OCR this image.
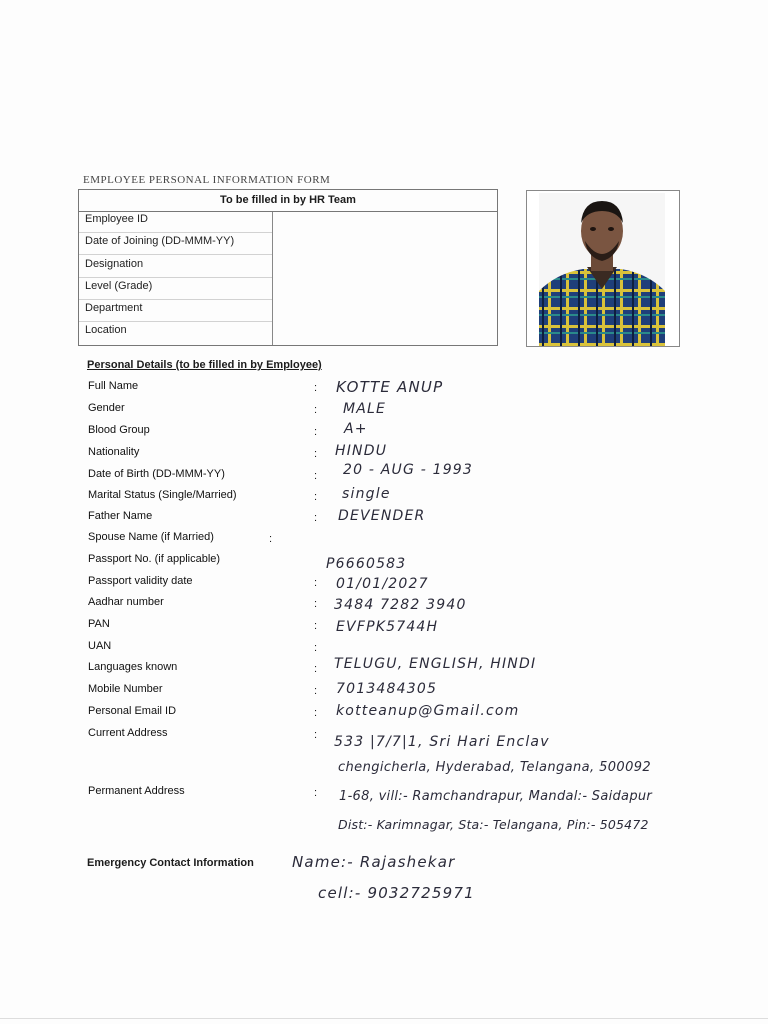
EMPLOYEE PERSONAL INFORMATION FORM
To be filled in by HR Team
Employee ID
Date of Joining (DD-MMM-YY)
Designation
Level (Grade)
Department
Location
Personal Details (to be filled in by Employee)
Full Name	: KOTTE ANUP
Gender	: MALE
Blood Group	: A+
Nationality	: HINDU
Date of Birth (DD-MMM-YY)	: 20 - AUG - 1993
Marital Status (Single/Married)	: single
Father Name	: DEVENDER
Spouse Name (if Married)	:
Passport No. (if applicable)	P6660583
Passport validity date	: 01/01/2027
Aadhar number	: 3484 7282 3940
PAN	: EVFPK5744H
UAN	:
Languages known	: TELUGU, ENGLISH, HINDI
Mobile Number	: 7013484305
Personal Email ID	: kotteanup@Gmail.com
Current Address	: 533 |7/7|1, Sri Hari Enclav
chengicherla, Hyderabad, Telangana, 500092
Permanent Address	: 1-68, vill:- Ramchandrapur, Mandal:- Saidapur
Dist:- Karimnagar, Sta:- Telangana, Pin:- 505472
Emergency Contact Information	Name:- Rajashekar
cell:- 9032725971
